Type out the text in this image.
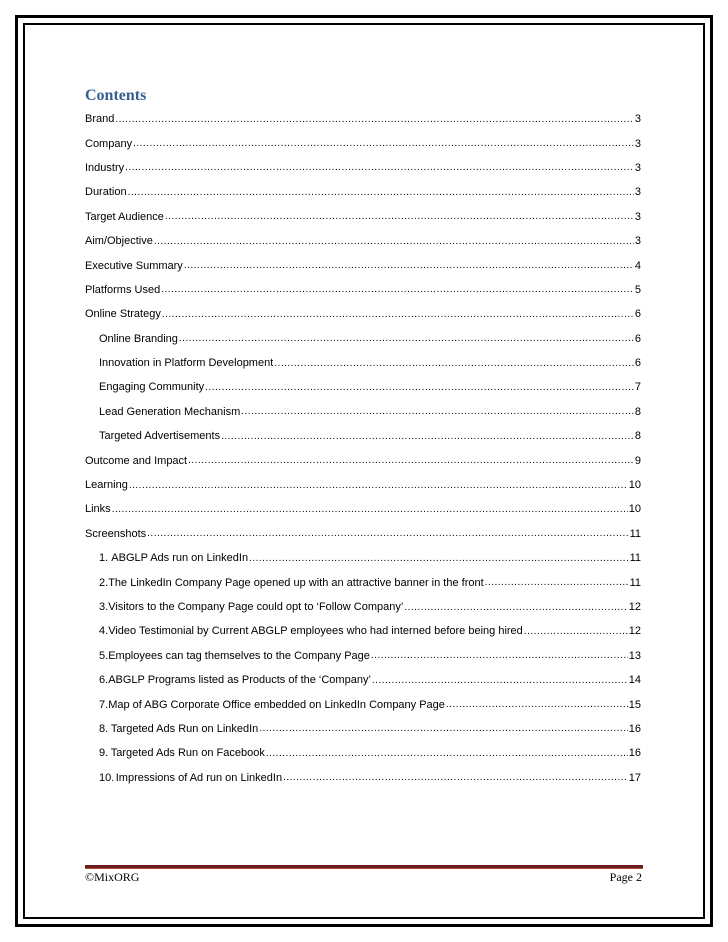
Contents
Brand .....	3
Company .....	3
Industry .....	3
Duration .....	3
Target Audience .....	3
Aim/Objective .....	3
Executive Summary .....	4
Platforms Used .....	5
Online Strategy .....	6
Online Branding .....	6
Innovation in Platform Development .....	6
Engaging Community .....	7
Lead Generation Mechanism .....	8
Targeted Advertisements .....	8
Outcome and Impact .....	9
Learning .....	10
Links .....	10
Screenshots .....	11
1. ABGLP Ads run on LinkedIn .....	11
2. The LinkedIn Company Page opened up with an attractive banner in the front .....	11
3. Visitors to the Company Page could opt to ‘Follow Company’ .....	12
4. Video Testimonial by Current ABGLP employees who had interned before being hired .....	12
5. Employees can tag themselves to the Company Page .....	13
6. ABGLP Programs listed as Products of the ‘Company’ .....	14
7. Map of ABG Corporate Office embedded on LinkedIn Company Page .....	15
8. Targeted Ads Run on LinkedIn .....	16
9. Targeted Ads Run on Facebook .....	16
10. Impressions of Ad run on LinkedIn .....	17
©MixORG	Page 2
